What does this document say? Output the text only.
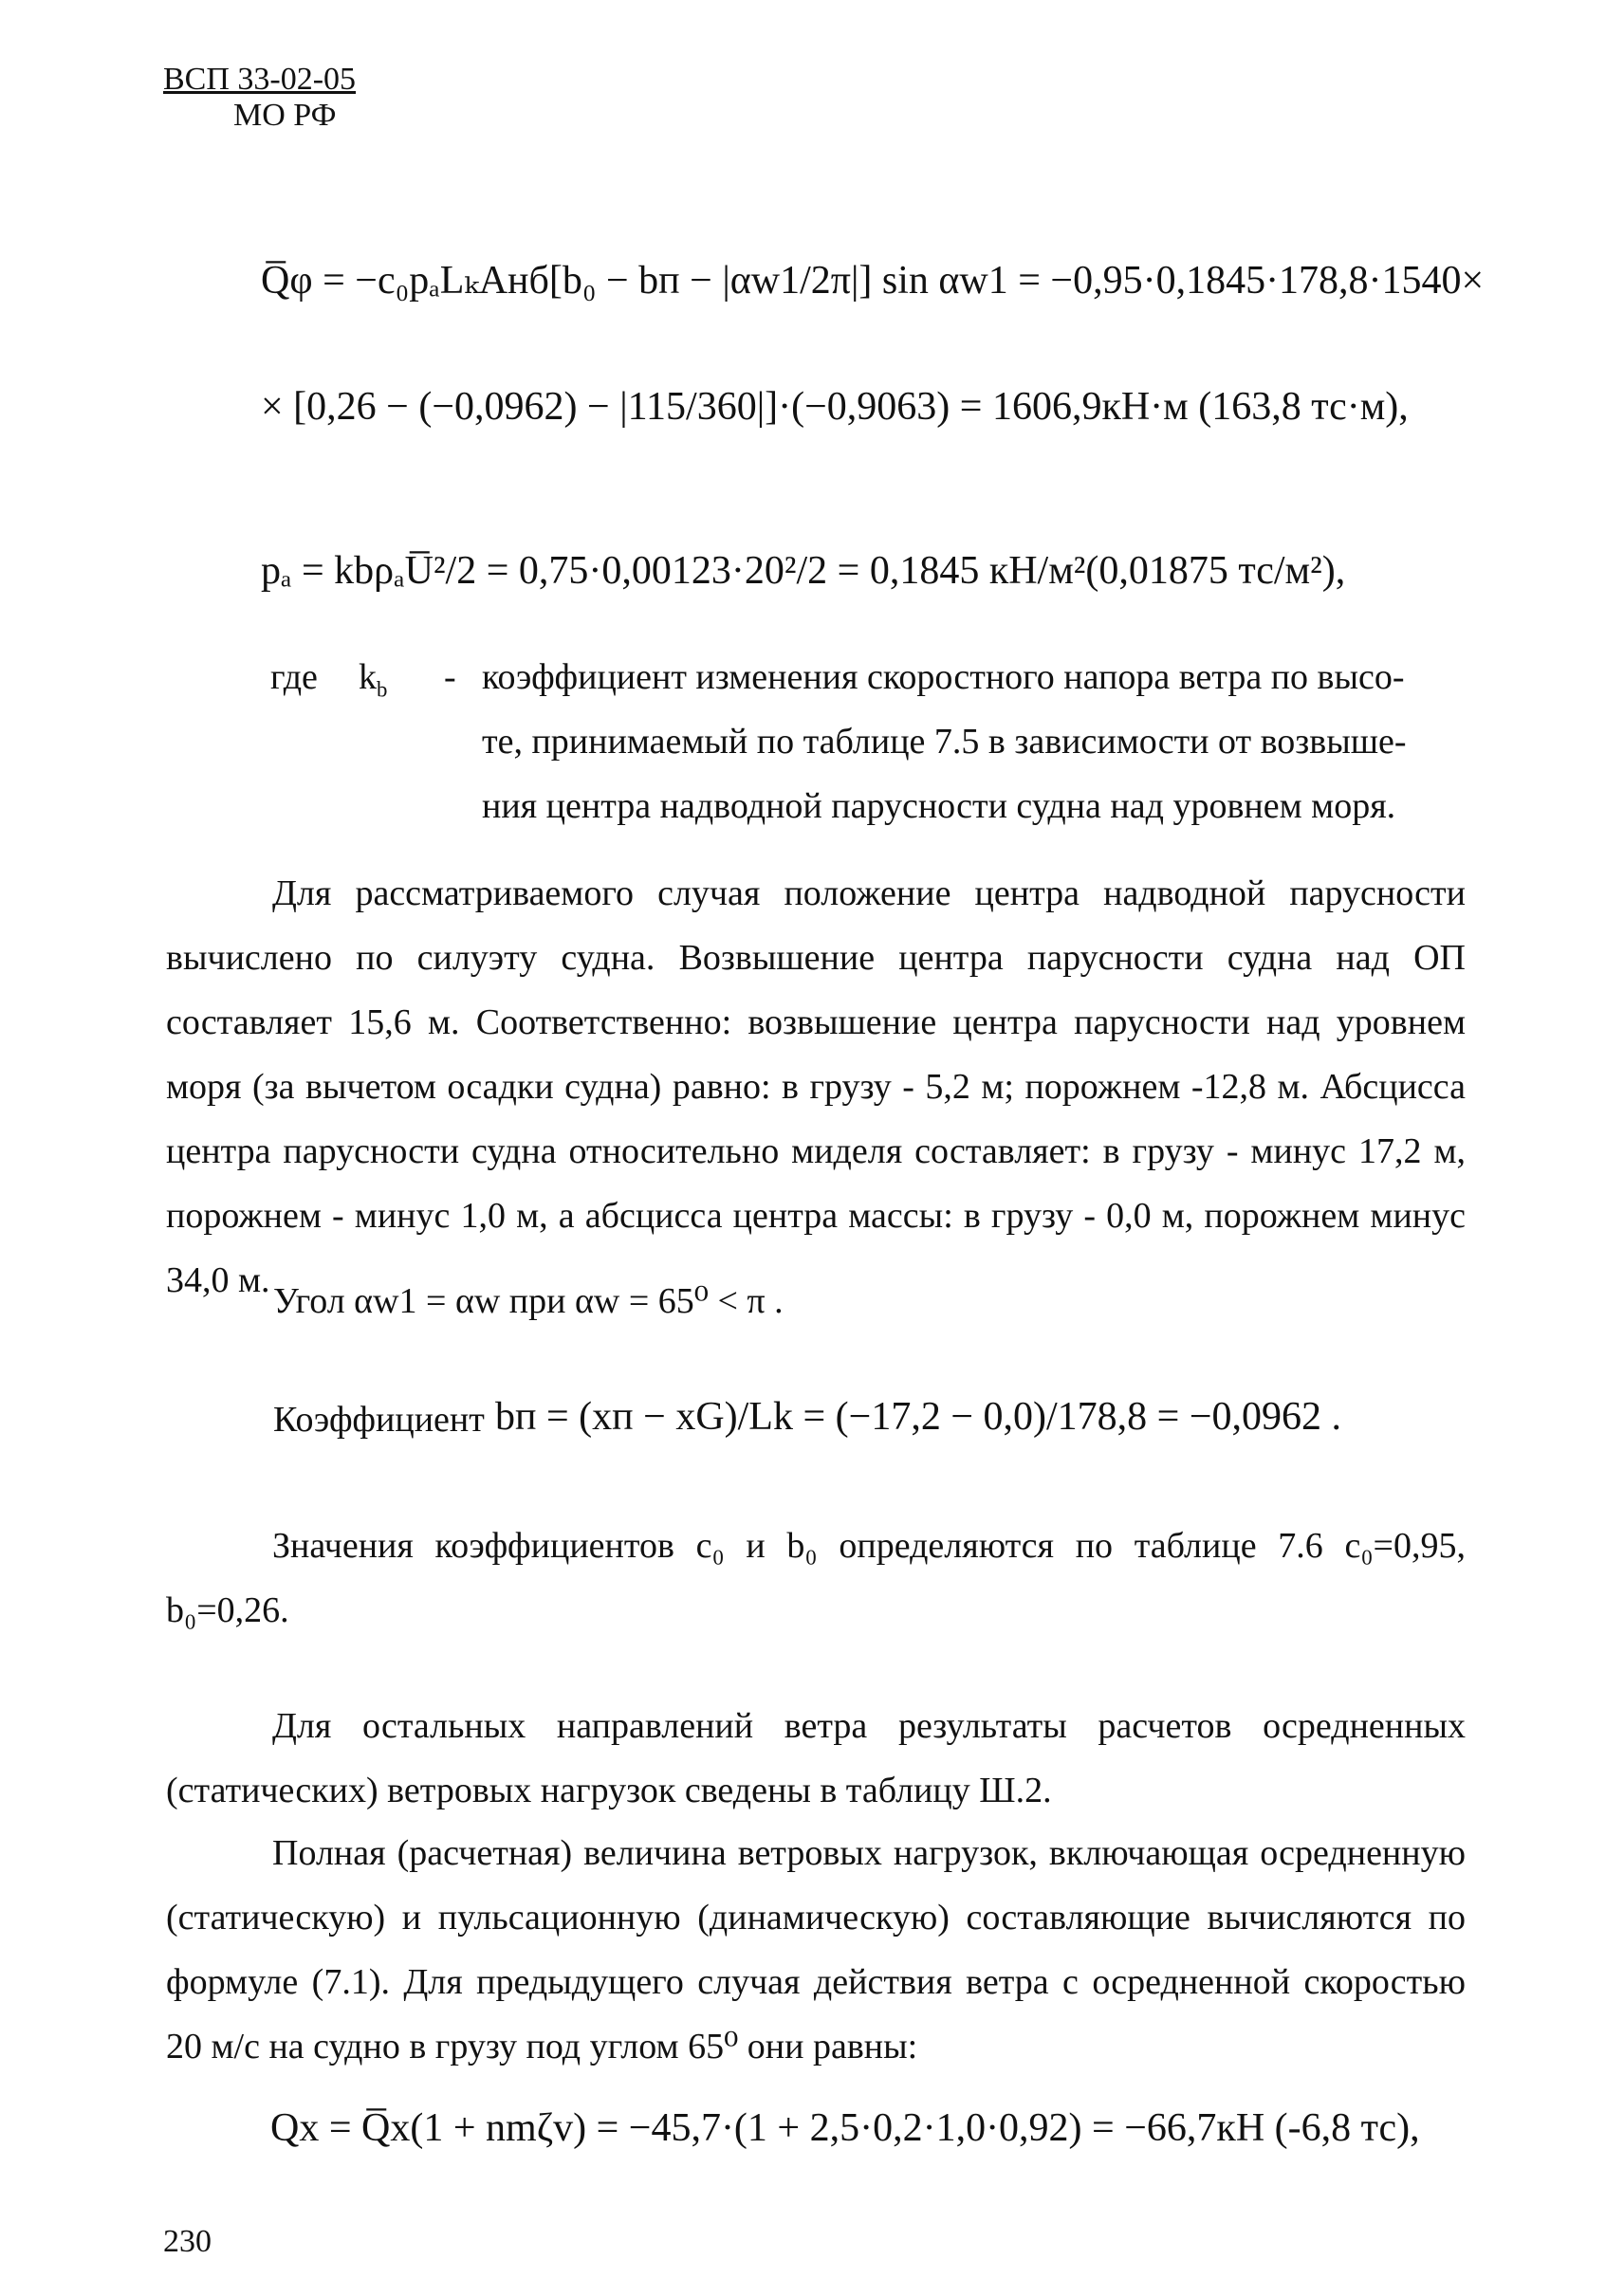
ВСП 33-02-05
МО РФ
Q̅φ = −c₀pₐLₖAнб[b₀ − bп − |αw1/2π|] sin αw1 = −0,95·0,1845·178,8·1540×
× [0,26 − (−0,0962) − |115/360|]·(−0,9063) = 1606,9кН·м (163,8 тс·м),
pₐ = kbρₐU̅²/2 = 0,75·0,00123·20²/2 = 0,1845 кН/м²(0,01875 тс/м²),
где $k_b$ - коэффициент изменения скоростного напора ветра по высо-
те, принимаемый по таблице 7.5 в зависимости от возвыше-
ния центра надводной парусности судна над уровнем моря.
Для рассматриваемого случая положение центра надводной парусности вычислено по силуэту судна. Возвышение центра парусности судна над ОП составляет 15,6 м. Соответственно: возвышение центра парусности над уровнем моря (за вычетом осадки судна) равно: в грузу - 5,2 м; порожнем -12,8 м. Абсцисса центра парусности судна относительно миделя составляет: в грузу - минус 17,2 м, порожнем - минус 1,0 м, а абсцисса центра массы: в грузу - 0,0 м, порожнем минус 34,0 м.
Угол αw1 = αw при αw = 65⁰ < π .
Коэффициент bп = (xп − xG)/Lk = (−17,2 − 0,0)/178,8 = −0,0962 .
Значения коэффициентов c₀ и b₀ определяются по таблице 7.6 c₀=0,95, b₀=0,26.
Для остальных направлений ветра результаты расчетов осредненных (статических) ветровых нагрузок сведены в таблицу Ш.2.
Полная (расчетная) величина ветровых нагрузок, включающая осредненную (статическую) и пульсационную (динамическую) составляющие вычисляются по формуле (7.1). Для предыдущего случая действия ветра с осредненной скоростью 20 м/с на судно в грузу под углом 65⁰ они равны:
Qx = Q̅x(1 + nmζv) = −45,7·(1 + 2,5·0,2·1,0·0,92) = −66,7кН (-6,8 тс),
230
